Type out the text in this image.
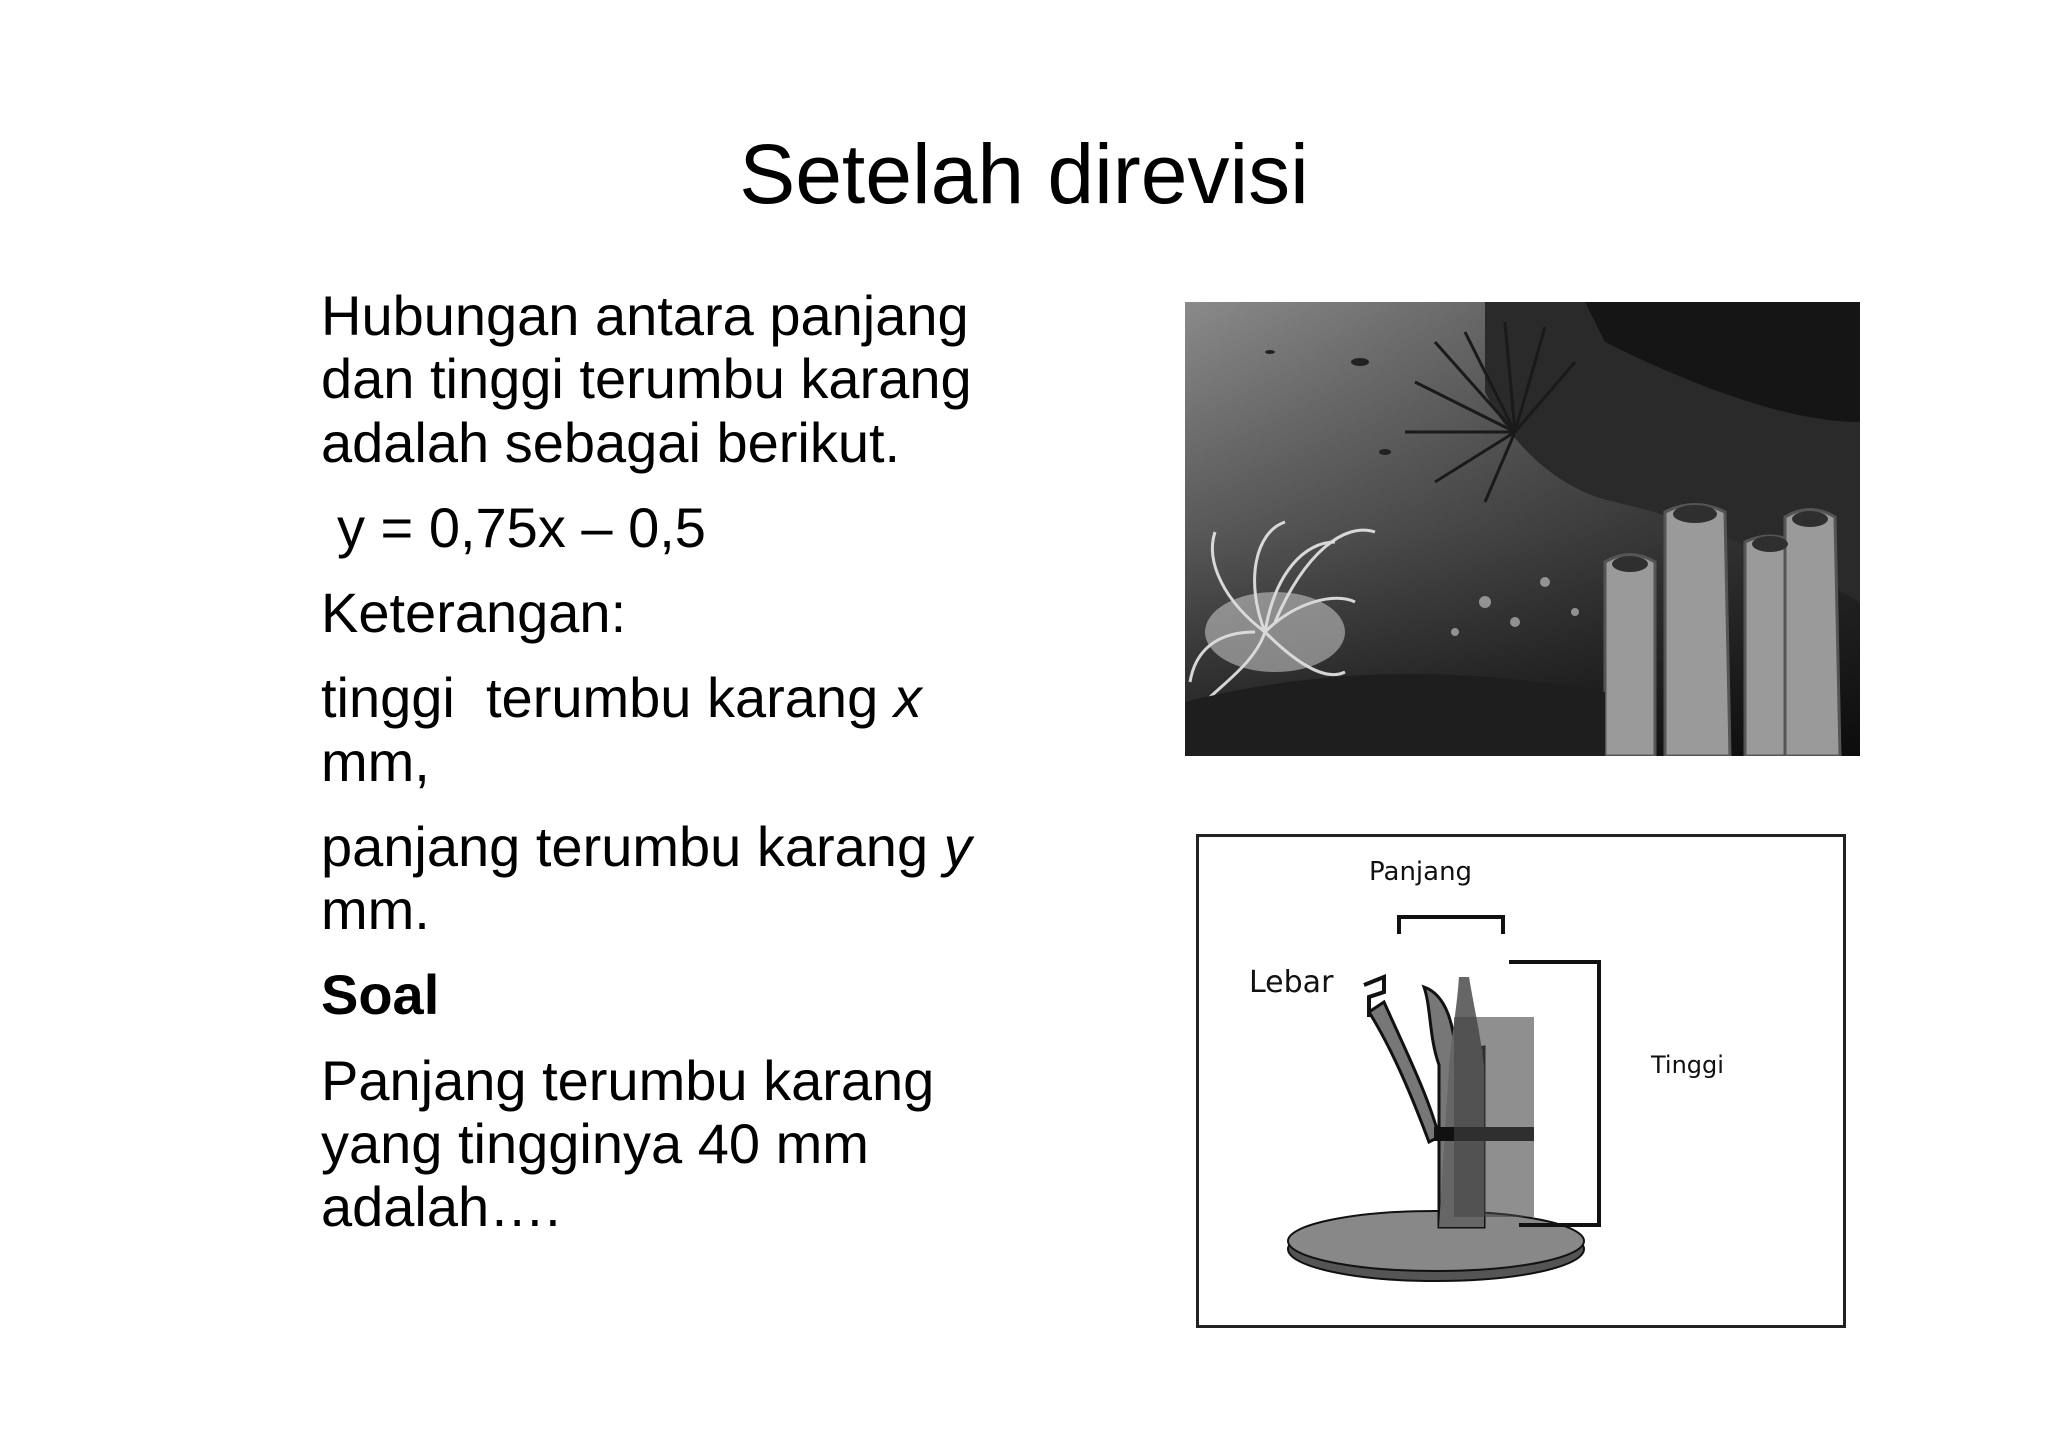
Setelah direvisi

Hubungan antara panjang
dan tinggi terumbu karang
adalah sebagai berikut.

y = 0,75x – 0,5

Keterangan:

tinggi  terumbu karang x
mm,

panjang terumbu karang y
mm.

Soal

Panjang terumbu karang
yang tingginya 40 mm
adalah….

Panjang
Lebar
Tinggi
